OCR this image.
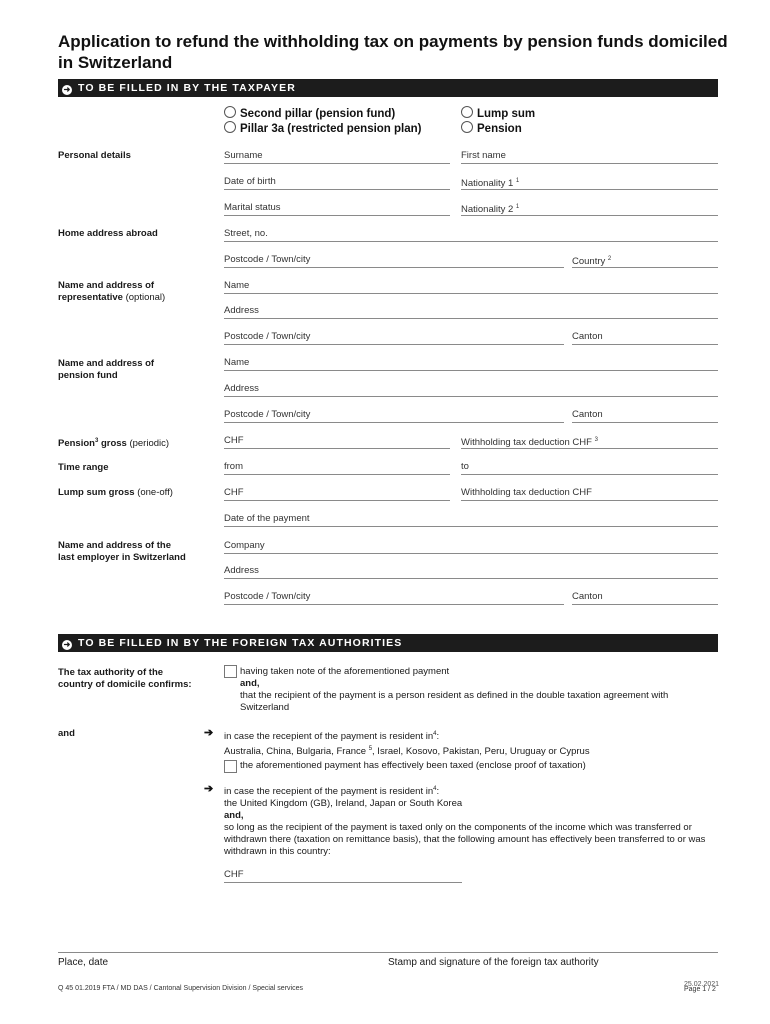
Application to refund the withholding tax on payments by pension funds domiciled in Switzerland
➜ TO BE FILLED IN BY THE TAXPAYER
Second pillar (pension fund)
Pillar 3a (restricted pension plan)
Lump sum
Pension
Personal details	Surname	First name
Date of birth	Nationality 1 $^1$
Marital status	Nationality 2 $^1$
Home address abroad	Street, no.
Postcode / Town/city	Country $^2$
Name and address of representative (optional)
Name
Address
Postcode / Town/city	Canton
Name and address of pension fund
Name
Address
Postcode / Town/city	Canton
Pension$^3$ gross (periodic)	CHF	Withholding tax deduction CHF $^3$
Time range	from	to
Lump sum gross (one-off)	CHF	Withholding tax deduction CHF
Date of the payment
Name and address of the last employer in Switzerland
Company
Address
Postcode / Town/city	Canton
➜ TO BE FILLED IN BY THE FOREIGN TAX AUTHORITIES
The tax authority of the country of domicile confirms:
having taken note of the aforementioned payment
and,
that the recipient of the payment is a person resident as defined in the double taxation agreement with Switzerland
and	➔ in case the recepient of the payment is resident $in^4$:
Australia, China, Bulgaria, France $^5$, Israel, Kosovo, Pakistan, Peru, Uruguay or Cyprus
the aforementioned payment has effectively been taxed (enclose proof of taxation)
➔ in case the recepient of the payment is resident $in^4$:
the United Kingdom (GB), Ireland, Japan or South Korea
and,
so long as the recipient of the payment is taxed only on the components of the income which was transferred or withdrawn there (taxation on remittance basis), that the following amount has effectively been transferred to or was withdrawn in this country:
CHF
Place, date	Stamp and signature of the foreign tax authority
Q 45 01.2019 FTA / MD DAS / Cantonal Supervision Division / Special services
25.02.2021
Page 1 / 2
